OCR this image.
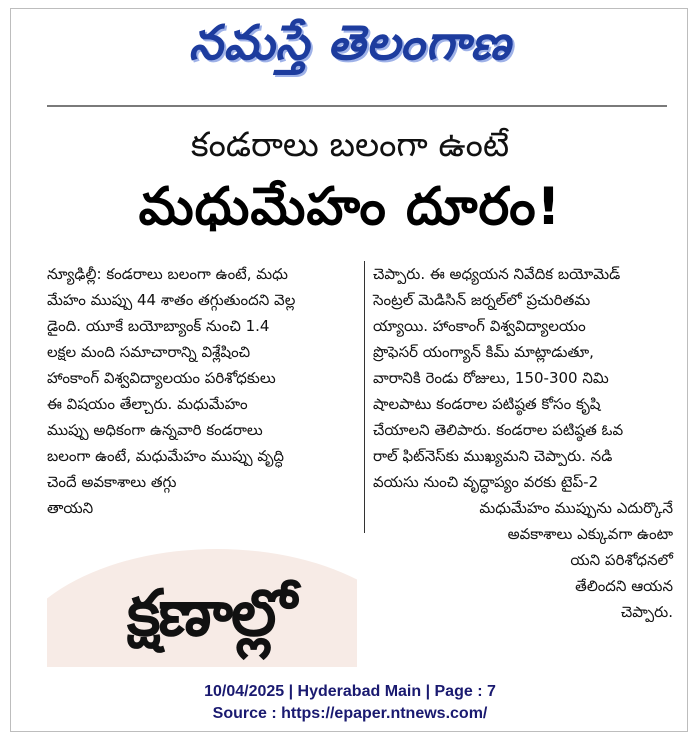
నమస్తే తెలంగాణ
కండరాలు బలంగా ఉంటే
మధుమేహం దూరం!

న్యూఢిల్లీ: కండరాలు బలంగా ఉంటే, మధు

మేహం ముప్పు 44 శాతం తగ్గుతుందని వెల్ల

డైంది. యూకే బయోబ్యాంక్ నుంచి 1.4

లక్షల మంది సమాచారాన్ని విశ్లేషించి

హాంకాంగ్ విశ్వవిద్యాలయం పరిశోధకులు

ఈ విషయం తేల్చారు. మధుమేహం

ముప్పు అధికంగా ఉన్నవారి కండరాలు

బలంగా ఉంటే, మధుమేహం ముప్పు వృద్ధి

చెందే అవకాశాలు తగ్గు

తాయని

చెప్పారు. ఈ అధ్యయన నివేదిక బయోమెడ్

సెంట్రల్ మెడిసిన్ జర్నల్‌లో ప్రచురితమ

య్యాయి. హాంకాంగ్ విశ్వవిద్యాలయం

ప్రొఫెసర్ యంగ్యాన్ కిమ్ మాట్లాడుతూ,

వారానికి రెండు రోజులు, 150-300 నిమి

షాలపాటు కండరాల పటిష్ఠత కోసం కృషి

చేయాలని తెలిపారు. కండరాల పటిష్ఠత ఓవ

రాల్ ఫిట్‌నెస్‌కు ముఖ్యమని చెప్పారు. నడి

వయసు నుంచి వృద్ధాప్యం వరకు టైప్-2

మధుమేహం ముప్పును ఎదుర్కొనే

అవకాశాలు ఎక్కువగా ఉంటా

యని పరిశోధనలో

తేలిందని ఆయన

చెప్పారు.

క్షణాల్లో
10/04/2025 | Hyderabad Main | Page : 7
Source : https://epaper.ntnews.com/
